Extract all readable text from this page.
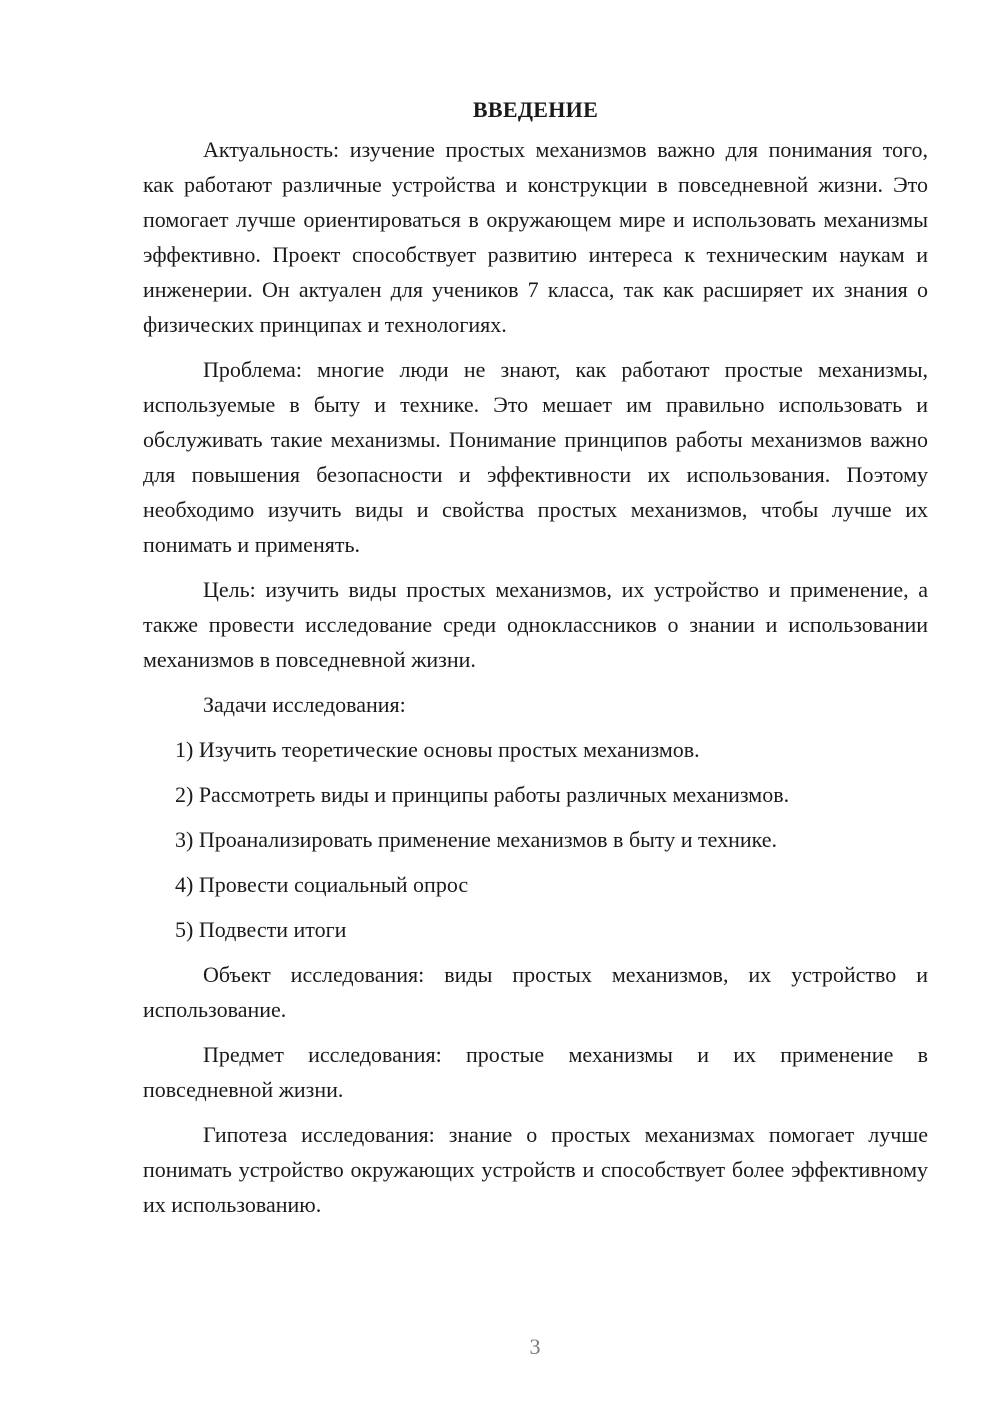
ВВЕДЕНИЕ

Актуальность: изучение простых механизмов важно для понимания того, как работают различные устройства и конструкции в повседневной жизни. Это помогает лучше ориентироваться в окружающем мире и использовать механизмы эффективно. Проект способствует развитию интереса к техническим наукам и инженерии. Он актуален для учеников 7 класса, так как расширяет их знания о физических принципах и технологиях.

Проблема: многие люди не знают, как работают простые механизмы, используемые в быту и технике. Это мешает им правильно использовать и обслуживать такие механизмы. Понимание принципов работы механизмов важно для повышения безопасности и эффективности их использования. Поэтому необходимо изучить виды и свойства простых механизмов, чтобы лучше их понимать и применять.

Цель: изучить виды простых механизмов, их устройство и применение, а также провести исследование среди одноклассников о знании и использовании механизмов в повседневной жизни.

Задачи исследования:

1) Изучить теоретические основы простых механизмов.

2) Рассмотреть виды и принципы работы различных механизмов.

3) Проанализировать применение механизмов в быту и технике.

4) Провести социальный опрос

5) Подвести итоги

Объект исследования: виды простых механизмов, их устройство и использование.

Предмет исследования: простые механизмы и их применение в повседневной жизни.

Гипотеза исследования: знание о простых механизмах помогает лучше понимать устройство окружающих устройств и способствует более эффективному их использованию.

3
